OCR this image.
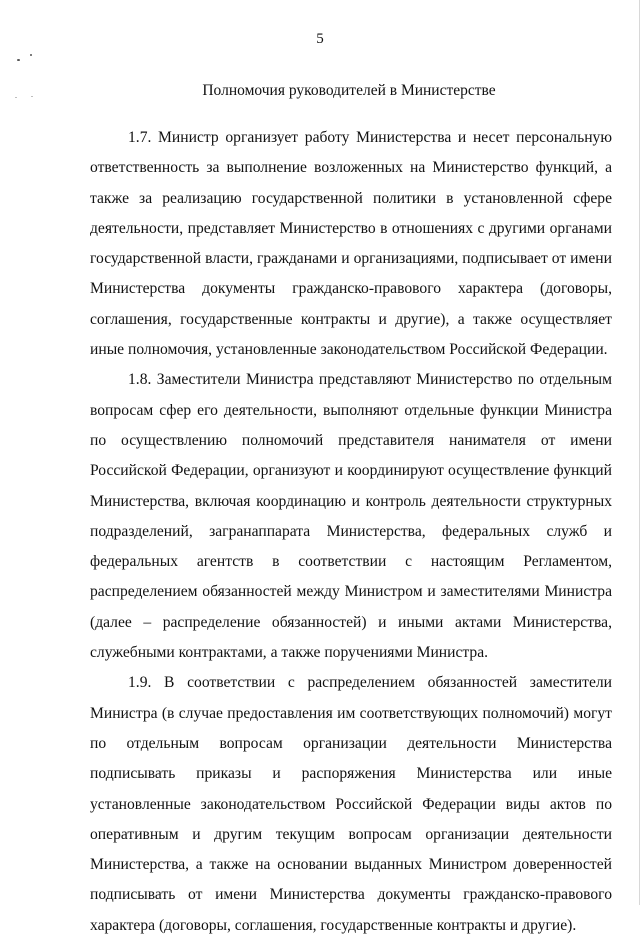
5
Полномочия руководителей в Министерстве

1.7. Министр организует работу Министерства и несет персональную ответственность за выполнение возложенных на Министерство функций, а также за реализацию государственной политики в установленной сфере деятельности, представляет Министерство в отношениях с другими органами государственной власти, гражданами и организациями, подписывает от имени Министерства документы гражданско-правового характера (договоры, соглашения, государственные контракты и другие), а также осуществляет иные полномочия, установленные законодательством Российской Федерации.

1.8. Заместители Министра представляют Министерство по отдельным вопросам сфер его деятельности, выполняют отдельные функции Министра по осуществлению полномочий представителя нанимателя от имени Российской Федерации, организуют и координируют осуществление функций Министерства, включая координацию и контроль деятельности структурных подразделений, загранаппарата Министерства, федеральных служб и федеральных агентств в соответствии с настоящим Регламентом, распределением обязанностей между Министром и заместителями Министра (далее – распределение обязанностей) и иными актами Министерства, служебными контрактами, а также поручениями Министра.

1.9. В соответствии с распределением обязанностей заместители Министра (в случае предоставления им соответствующих полномочий) могут по отдельным вопросам организации деятельности Министерства подписывать приказы и распоряжения Министерства или иные установленные законодательством Российской Федерации виды актов по оперативным и другим текущим вопросам организации деятельности Министерства, а также на основании выданных Министром доверенностей подписывать от имени Министерства документы гражданско-правового характера (договоры, соглашения, государственные контракты и другие).
